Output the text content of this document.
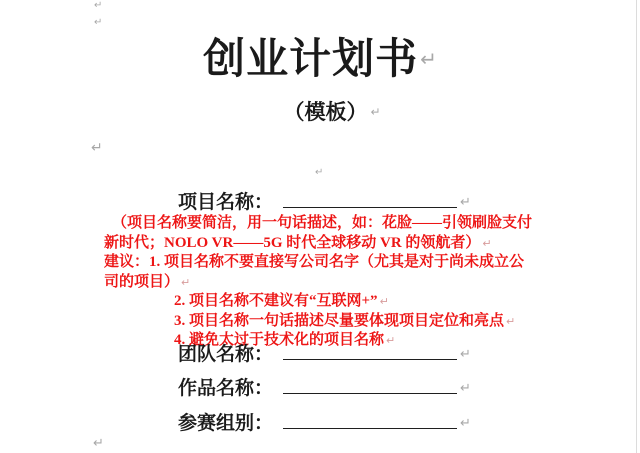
↵
↵
创业计划书 ↵
（模板） ↵
↵
↵
项目名称：	↵
（项目名称要简洁，用一句话描述，如：花脸——引领刷脸支付
新时代；NOLO VR——5G 时代全球移动 VR 的领航者） ↵
建议：1. 项目名称不要直接写公司名字（尤其是对于尚未成立公
司的项目） ↵
2. 项目名称不建议有“互联网+” ↵
3. 项目名称一句话描述尽量要体现项目定位和亮点 ↵
4. 避免太过于技术化的项目名称 ↵
团队名称：	↵
作品名称：	↵
参赛组别：	↵
↵
